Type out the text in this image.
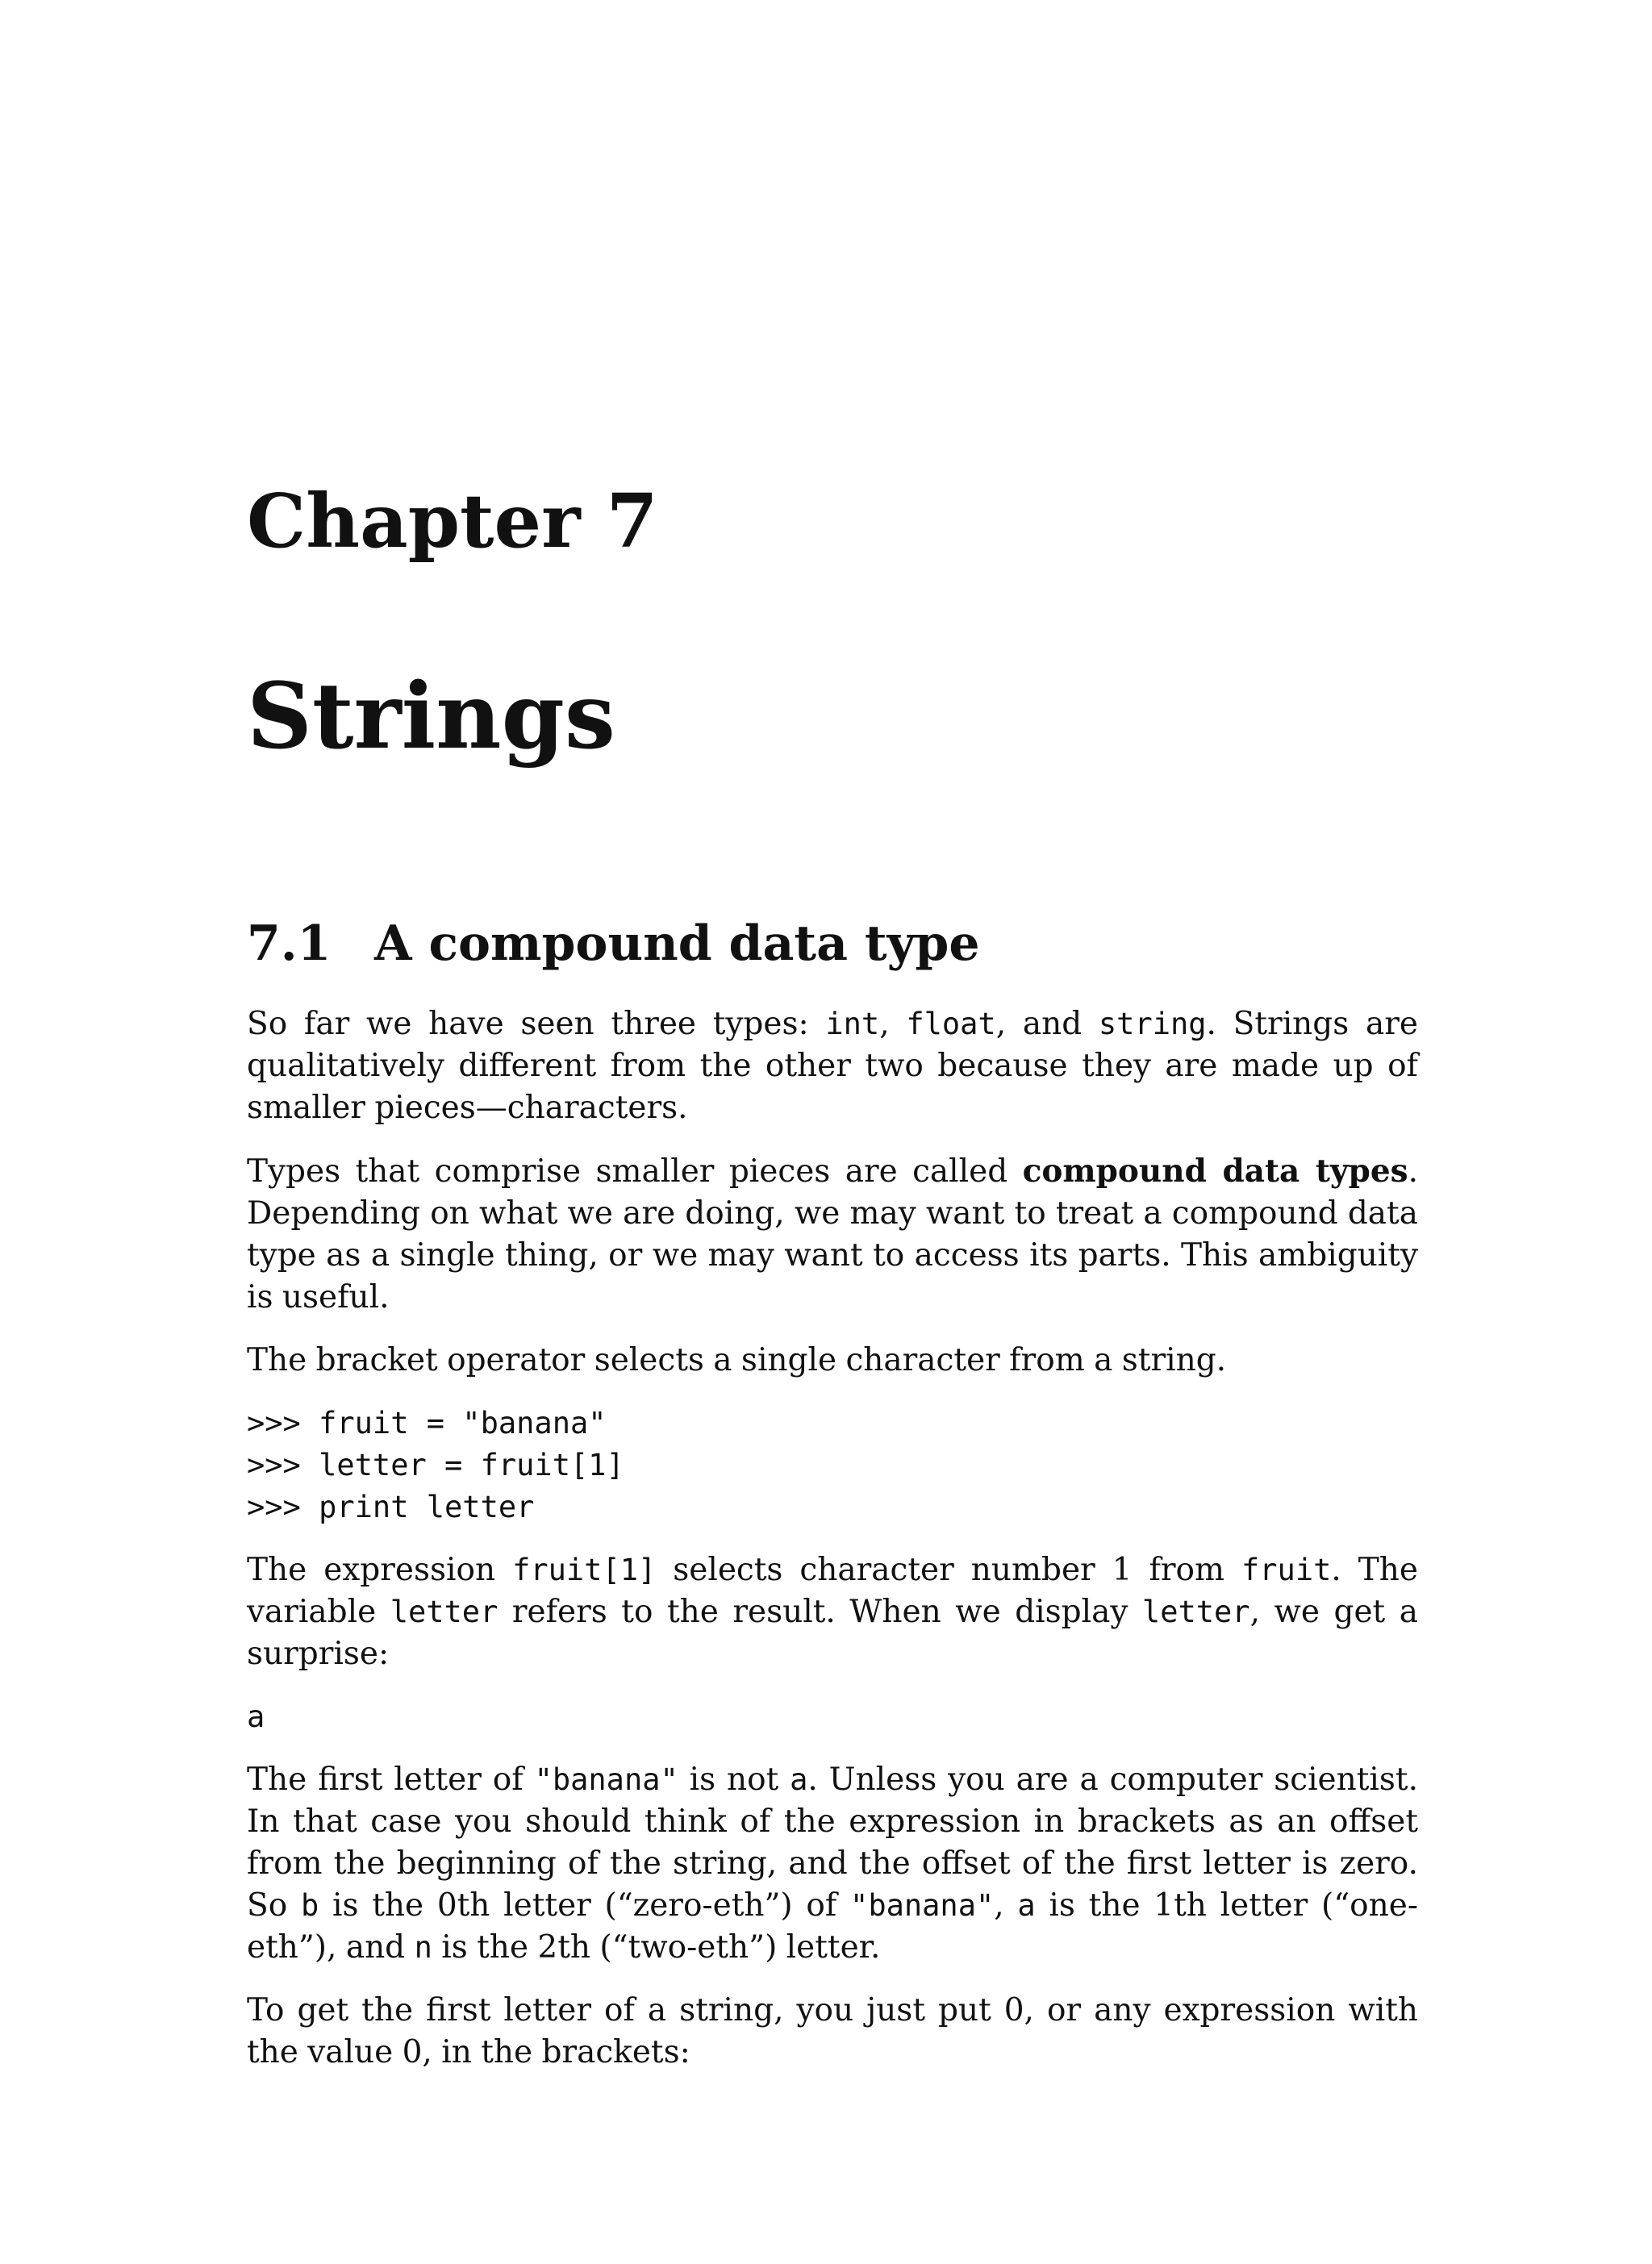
Chapter 7
Strings
7.1 A compound data type

So far we have seen three types: int, float, and string. Strings are qualitatively different from the other two because they are made up of smaller pieces—characters.

Types that comprise smaller pieces are called compound data types. Depending on what we are doing, we may want to treat a compound data type as a single thing, or we may want to access its parts. This ambiguity is useful.

The bracket operator selects a single character from a string.

>>> fruit = "banana"
>>> letter = fruit[1]
>>> print letter

The expression fruit[1] selects character number 1 from fruit. The variable letter refers to the result. When we display letter, we get a surprise:

a

The first letter of "banana" is not a. Unless you are a computer scientist. In that case you should think of the expression in brackets as an offset from the beginning of the string, and the offset of the first letter is zero. So b is the 0th letter (“zero-eth”) of "banana", a is the 1th letter (“one-eth”), and n is the 2th (“two-eth”) letter.

To get the first letter of a string, you just put 0, or any expression with the value 0, in the brackets:
